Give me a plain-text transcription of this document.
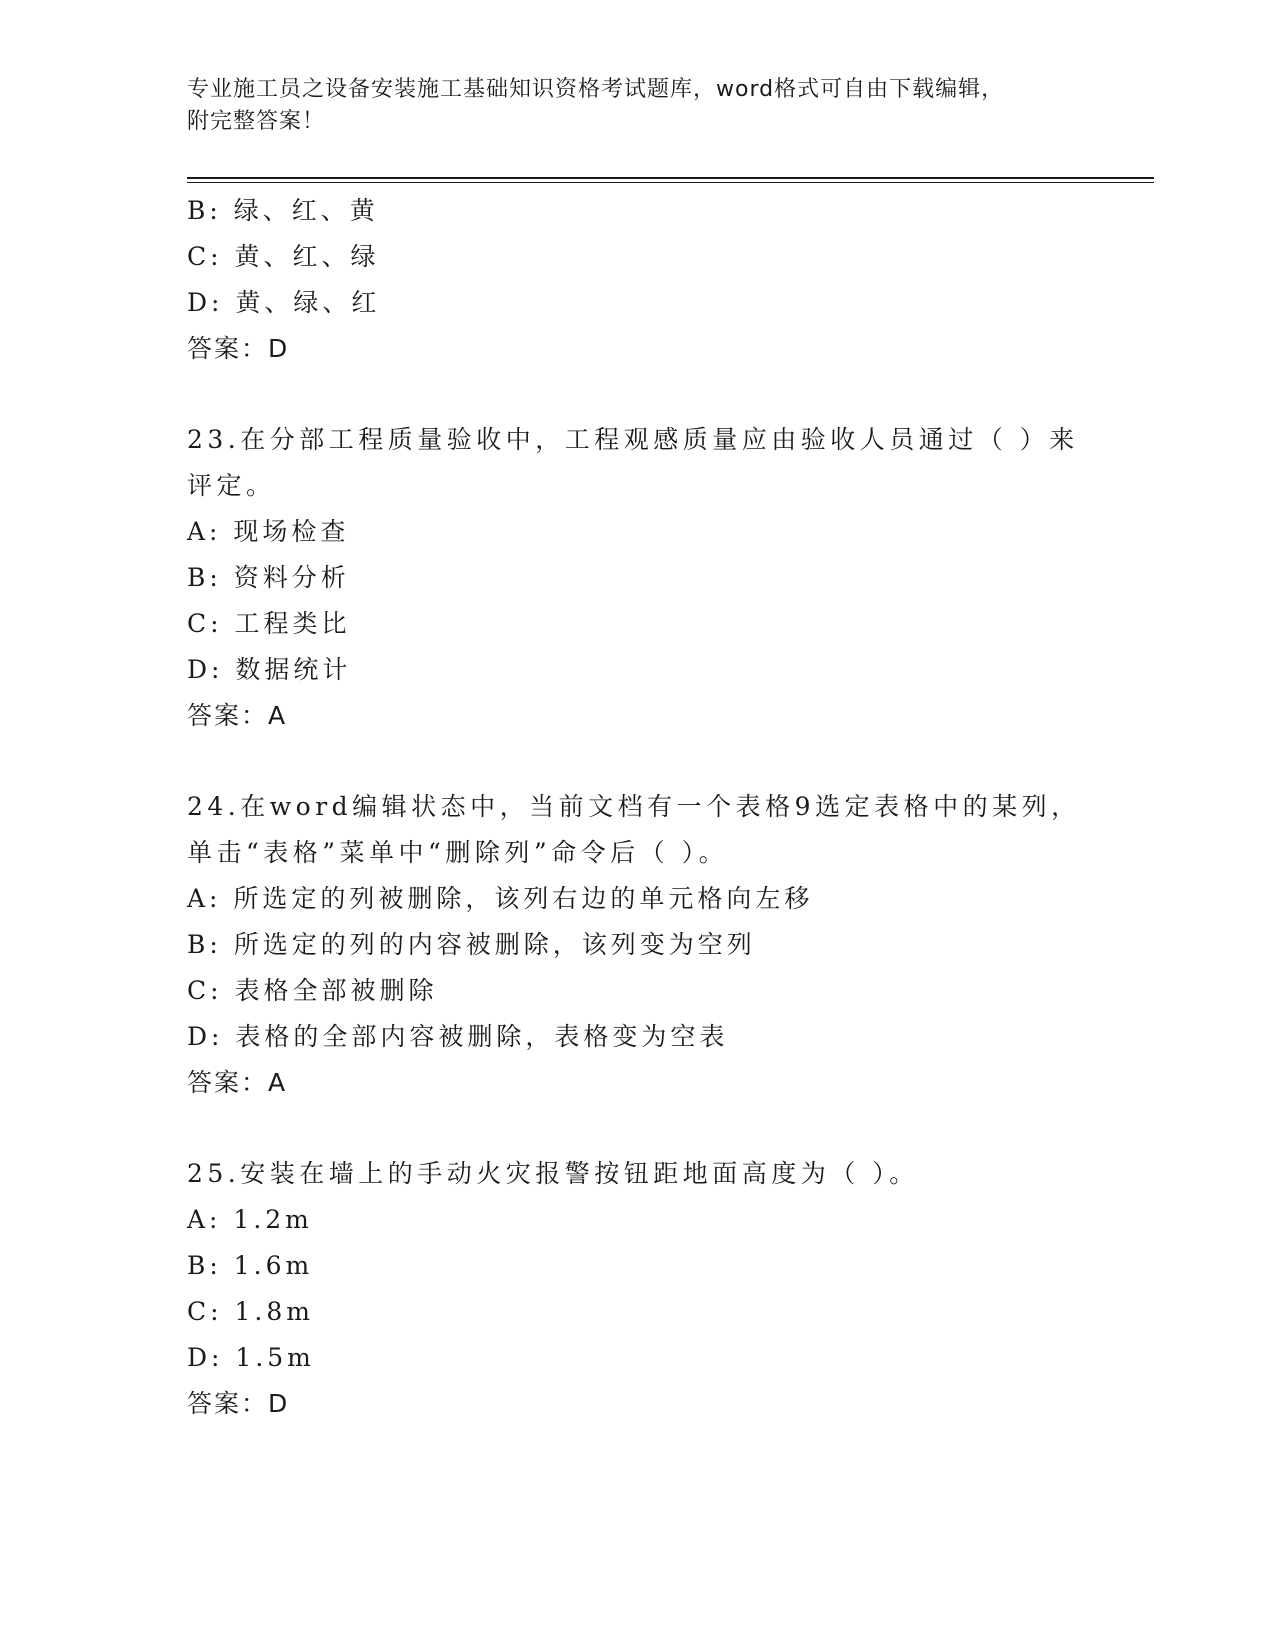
专业施工员之设备安装施工基础知识资格考试题库，word格式可自由下载编辑，
附完整答案！
B: 绿、红、黄
C: 黄、红、绿
D: 黄、绿、红
答案：D
23.在分部工程质量验收中，工程观感质量应由验收人员通过（ ）来
评定。
A: 现场检查
B: 资料分析
C: 工程类比
D: 数据统计
答案：A
24.在word编辑状态中，当前文档有一个表格9选定表格中的某列，
单击“表格”菜单中“删除列”命令后（ ）。
A: 所选定的列被删除，该列右边的单元格向左移
B: 所选定的列的内容被删除，该列变为空列
C: 表格全部被删除
D: 表格的全部内容被删除，表格变为空表
答案：A
25.安装在墙上的手动火灾报警按钮距地面高度为（ ）。
A: 1.2m
B: 1.6m
C: 1.8m
D: 1.5m
答案：D
